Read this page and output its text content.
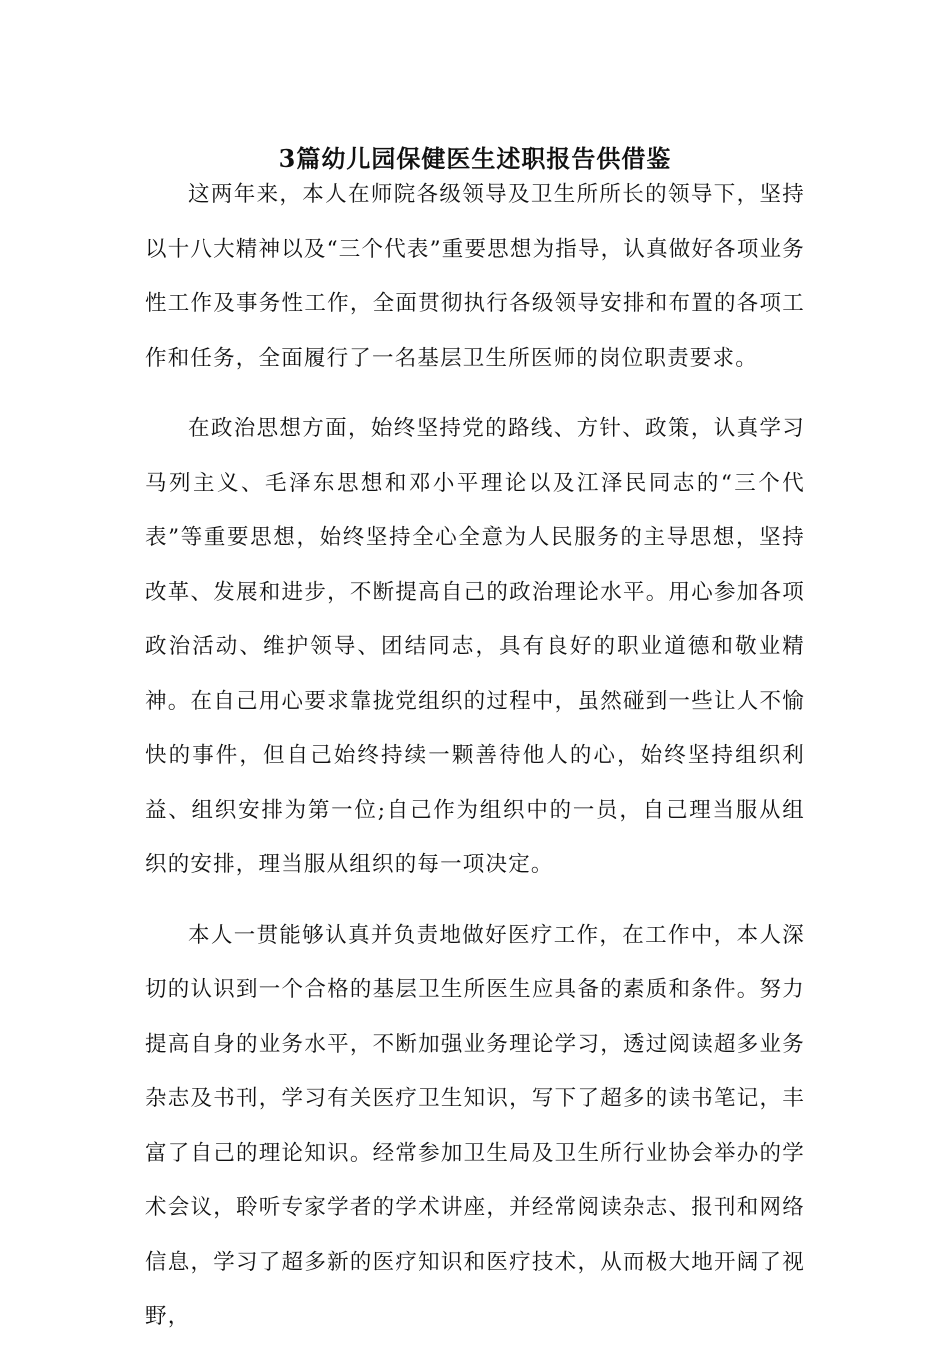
3篇幼儿园保健医生述职报告供借鉴

这两年来，本人在师院各级领导及卫生所所长的领导下，坚持以十八大精神以及“三个代表”重要思想为指导，认真做好各项业务性工作及事务性工作，全面贯彻执行各级领导安排和布置的各项工作和任务，全面履行了一名基层卫生所医师的岗位职责要求。

在政治思想方面，始终坚持党的路线、方针、政策，认真学习马列主义、毛泽东思想和邓小平理论以及江泽民同志的“三个代表”等重要思想，始终坚持全心全意为人民服务的主导思想，坚持改革、发展和进步，不断提高自己的政治理论水平。用心参加各项政治活动、维护领导、团结同志，具有良好的职业道德和敬业精神。在自己用心要求靠拢党组织的过程中，虽然碰到一些让人不愉快的事件，但自己始终持续一颗善待他人的心，始终坚持组织利益、组织安排为第一位;自己作为组织中的一员，自己理当服从组织的安排，理当服从组织的每一项决定。

本人一贯能够认真并负责地做好医疗工作，在工作中，本人深切的认识到一个合格的基层卫生所医生应具备的素质和条件。努力提高自身的业务水平，不断加强业务理论学习，透过阅读超多业务杂志及书刊，学习有关医疗卫生知识，写下了超多的读书笔记，丰富了自己的理论知识。经常参加卫生局及卫生所行业协会举办的学术会议，聆听专家学者的学术讲座，并经常阅读杂志、报刊和网络信息，学习了超多新的医疗知识和医疗技术，从而极大地开阔了视野，
